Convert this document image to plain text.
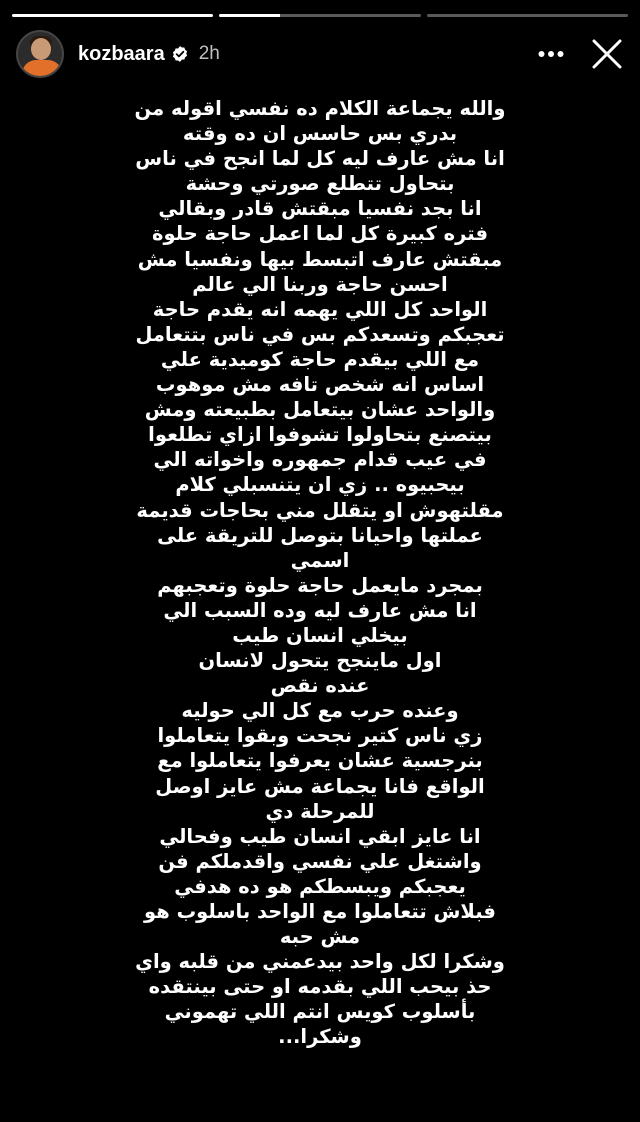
kozbaara 2h
والله يجماعة الكلام ده نفسي اقوله من
بدري بس حاسس ان ده وقته
انا مش عارف ليه كل لما انجح في ناس
بتحاول تتطلع صورتي وحشة
انا بجد نفسيا مبقتش قادر وبقالي
فتره كبيرة كل لما اعمل حاجة حلوة
مبقتش عارف اتبسط بيها ونفسيا مش
احسن حاجة وربنا الي عالم
الواحد كل اللي يهمه انه يقدم حاجة
تعجبكم وتسعدكم بس في ناس بتتعامل
مع اللي بيقدم حاجة كوميدية علي
اساس انه شخص تافه مش موهوب
والواحد عشان بيتعامل بطبيعته ومش
بيتصنع بتحاولوا تشوفوا ازاي تطلعوا
في عيب قدام جمهوره واخواته الي
بيحبيوه .. زي ان يتنسبلي كلام
مقلتهوش او يتقلل مني بحاجات قديمة
عملتها واحيانا بتوصل للتريقة على
اسمي
بمجرد مايعمل حاجة حلوة وتعجبهم
انا مش عارف ليه وده السبب الي
بيخلي انسان طيب
اول ماينجح يتحول لانسان
عنده نقص
وعنده حرب مع كل الي حوليه
زي ناس كتير نجحت وبقوا يتعاملوا
بنرجسية عشان يعرفوا يتعاملوا مع
الواقع فانا يجماعة مش عايز اوصل
للمرحلة دي
انا عايز ابقي انسان طيب وفحالي
واشتغل علي نفسي واقدملكم فن
يعجبكم ويبسطكم هو ده هدفي
فبلاش تتعاملوا مع الواحد باسلوب هو
مش حبه
وشكرا لكل واحد بيدعمني من قلبه واي
حذ بيحب اللي بقدمه او حتى بينتقده
بأسلوب كويس انتم اللي تهموني
وشكرا...
